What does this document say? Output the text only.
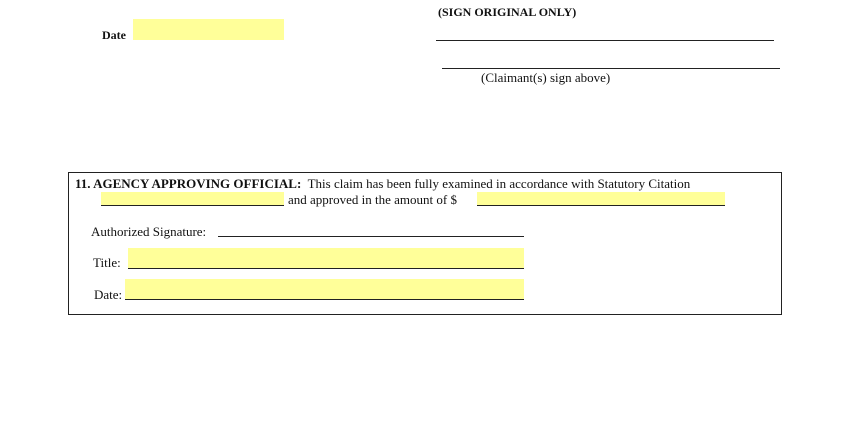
Date
(SIGN ORIGINAL ONLY)
(Claimant(s) sign above)
11. AGENCY APPROVING OFFICIAL: This claim has been fully examined in accordance with Statutory Citation
and approved in the amount of $
Authorized Signature:
Title:
Date:
